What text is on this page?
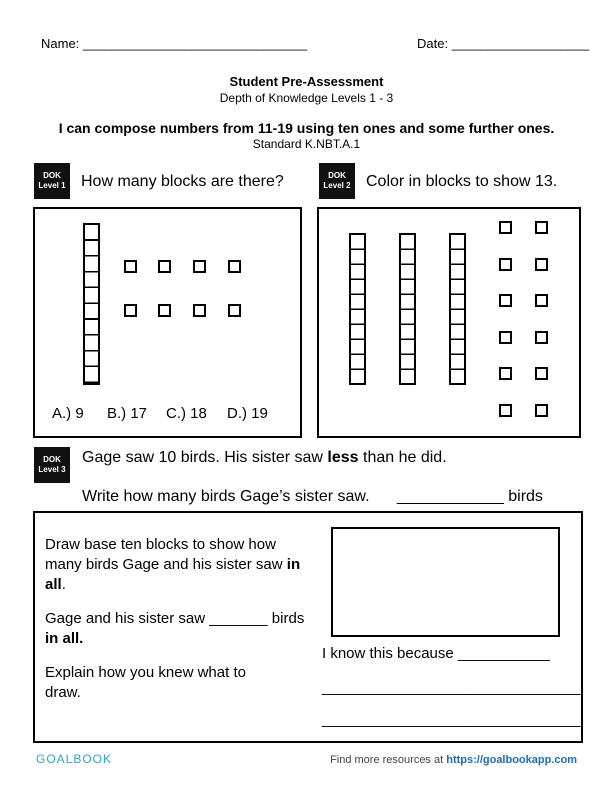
Name: _______________________________	Date: ___________________
Student Pre-Assessment
Depth of Knowledge Levels 1 - 3
I can compose numbers from 11-19 using ten ones and some further ones.
Standard K.NBT.A.1
DOK
Level 1 How many blocks are there?	DOK
Level 2 Color in blocks to show 13.
A.) 9 B.) 17 C.) 18 D.) 19
DOK
Level 3
Gage saw 10 birds. His sister saw less than he did.
Write how many birds Gage’s sister saw. ____________ birds

Draw base ten blocks to show how many birds Gage and his sister saw in all.

Gage and his sister saw _______ birds in all.

Explain how you knew what to draw.

I know this because ___________
_______________________________
_______________________________
GOALBOOK	Find more resources at https://goalbookapp.com
